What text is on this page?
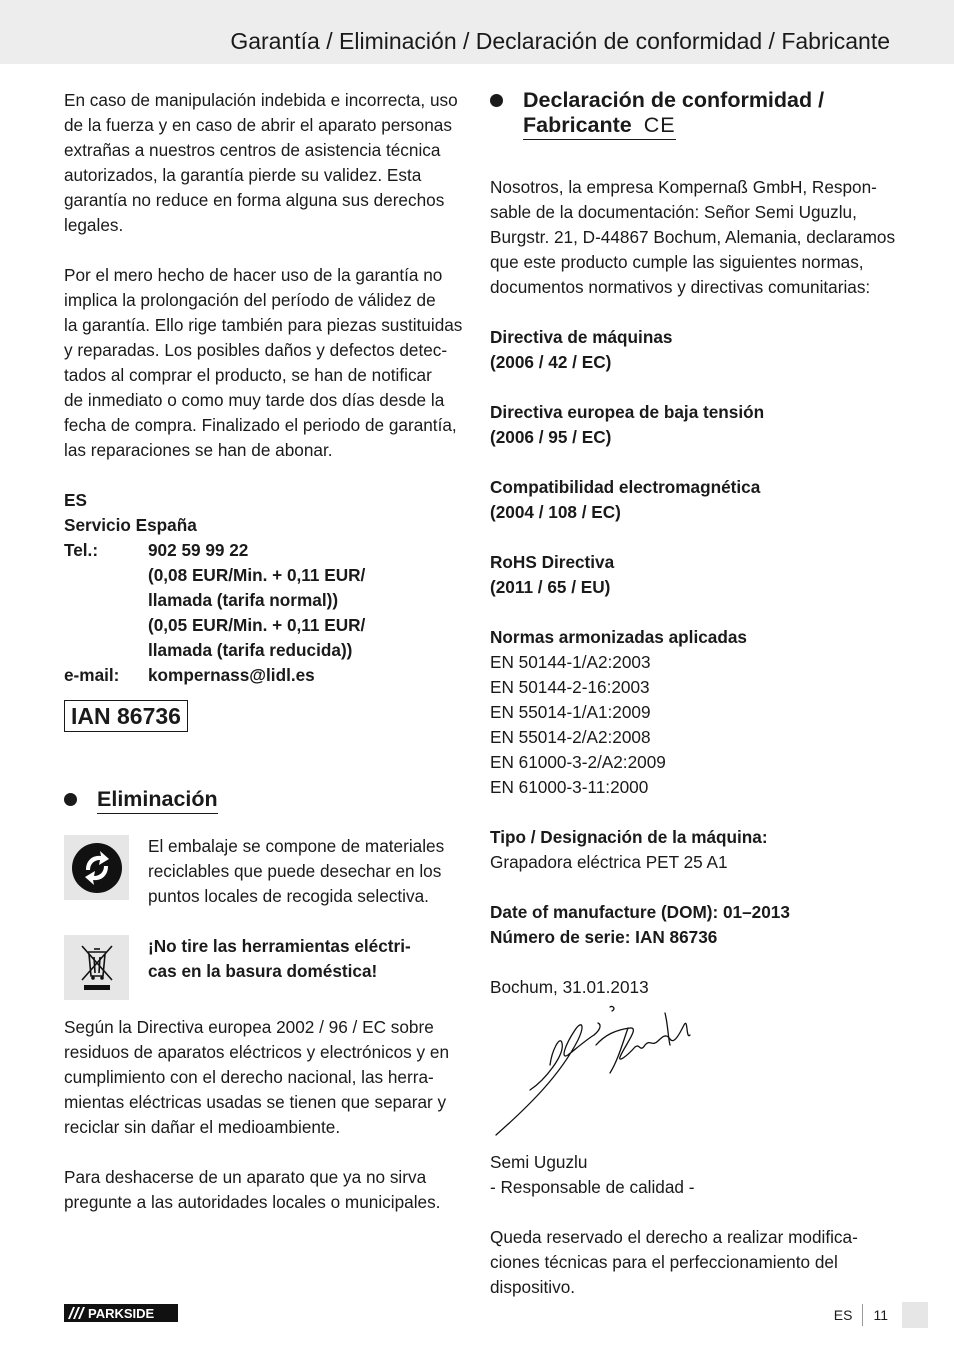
Garantía / Eliminación / Declaración de conformidad / Fabricante

En caso de manipulación indebida e incorrecta, uso

de la fuerza y en caso de abrir el aparato personas

extrañas a nuestros centros de asistencia técnica

autorizados, la garantía pierde su validez. Esta

garantía no reduce en forma alguna sus derechos

legales.

Por el mero hecho de hacer uso de la garantía no

implica la prolongación del período de válidez de

la garantía. Ello rige también para piezas sustituidas

y reparadas. Los posibles daños y defectos detec-

tados al comprar el producto, se han de notificar

de inmediato o como muy tarde dos días desde la

fecha de compra. Finalizado el periodo de garantía,

las reparaciones se han de abonar.

ES

Servicio España

Tel.:	902 59 99 22

(0,08 EUR/Min. + 0,11 EUR/

llamada (tarifa normal))

(0,05 EUR/Min. + 0,11 EUR/

llamada (tarifa reducida))

e-mail:	kompernass@lidl.es
IAN 86736
Eliminación

El embalaje se compone de materiales

reciclables que puede desechar en los

puntos locales de recogida selectiva.

¡No tire las herramientas eléctri-

cas en la basura doméstica!

Según la Directiva europea 2002 / 96 / EC sobre

residuos de aparatos eléctricos y electrónicos y en

cumplimiento con el derecho nacional, las herra-

mientas eléctricas usadas se tienen que separar y

reciclar sin dañar el medioambiente.

Para deshacerse de un aparato que ya no sirva

pregunte a las autoridades locales o municipales.

Declaración de conformidad /
Fabricante CE

Nosotros, la empresa Kompernaß GmbH, Respon-

sable de la documentación: Señor Semi Uguzlu,

Burgstr. 21, D-44867 Bochum, Alemania, declaramos

que este producto cumple las siguientes normas,

documentos normativos y directivas comunitarias:

Directiva de máquinas

(2006 / 42 / EC)

Directiva europea de baja tensión

(2006 / 95 / EC)

Compatibilidad electromagnética

(2004 / 108 / EC)

RoHS Directiva

(2011 / 65 / EU)

Normas armonizadas aplicadas

EN 50144-1/A2:2003

EN 50144-2-16:2003

EN 55014-1/A1:2009

EN 55014-2/A2:2008

EN 61000-3-2/A2:2009

EN 61000-3-11:2000

Tipo / Designación de la máquina:

Grapadora eléctrica PET 25 A1

Date of manufacture (DOM): 01–2013

Número de serie: IAN 86736

Bochum, 31.01.2013

Semi Uguzlu

- Responsable de calidad -

Queda reservado el derecho a realizar modifica-

ciones técnicas para el perfeccionamiento del

dispositivo.

PARKSIDE	ES	11
